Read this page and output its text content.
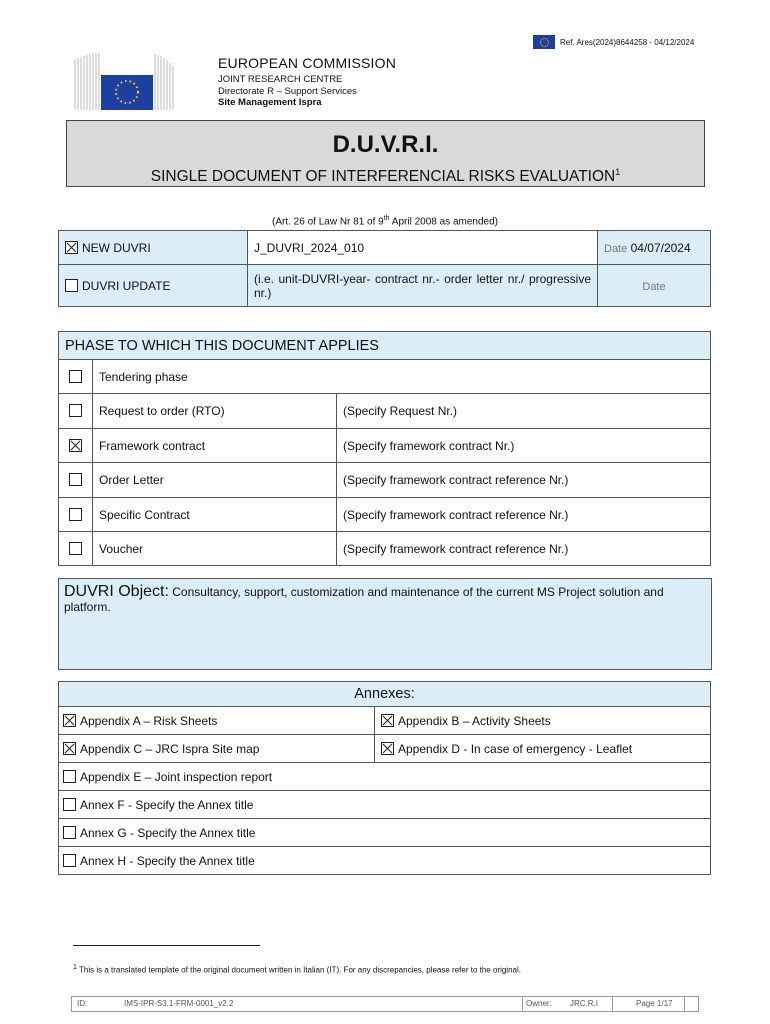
Ref. Ares(2024)8644258 - 04/12/2024
EUROPEAN COMMISSION
JOINT RESEARCH CENTRE
Directorate R – Support Services
Site Management Ispra
D.U.V.R.I.
SINGLE DOCUMENT OF INTERFERENCIAL RISKS EVALUATION$^1$
(Art. 26 of Law Nr 81 of 9th April 2008 as amended)
NEW DUVRI	J_DUVRI_2024_010	Date 04/07/2024
DUVRI UPDATE	(i.e. unit-DUVRI-year- contract nr.- order letter nr./ progressive nr.)	Date
PHASE TO WHICH THIS DOCUMENT APPLIES		
	Tendering phase	
	Request to order (RTO)	(Specify Request Nr.)
	Framework contract	(Specify framework contract Nr.)
	Order Letter	(Specify framework contract reference Nr.)
	Specific Contract	(Specify framework contract reference Nr.)
	Voucher	(Specify framework contract reference Nr.)
DUVRI Object: Consultancy, support, customization and maintenance of the current MS Project solution and platform.
Annexes:	
Appendix A – Risk Sheets	Appendix B – Activity Sheets
Appendix C – JRC Ispra Site map	Appendix D - In case of emergency - Leaflet
Appendix E – Joint inspection report	
Annex F - Specify the Annex title	
Annex G - Specify the Annex title	
Annex H - Specify the Annex title	
$^1$ This is a translated template of the original document written in Italian (IT). For any discrepancies, please refer to the original.
ID:	IMS-IPR-S3.1-FRM-0001_v2.2	Owner: JRC.R.I	Page 1/17
